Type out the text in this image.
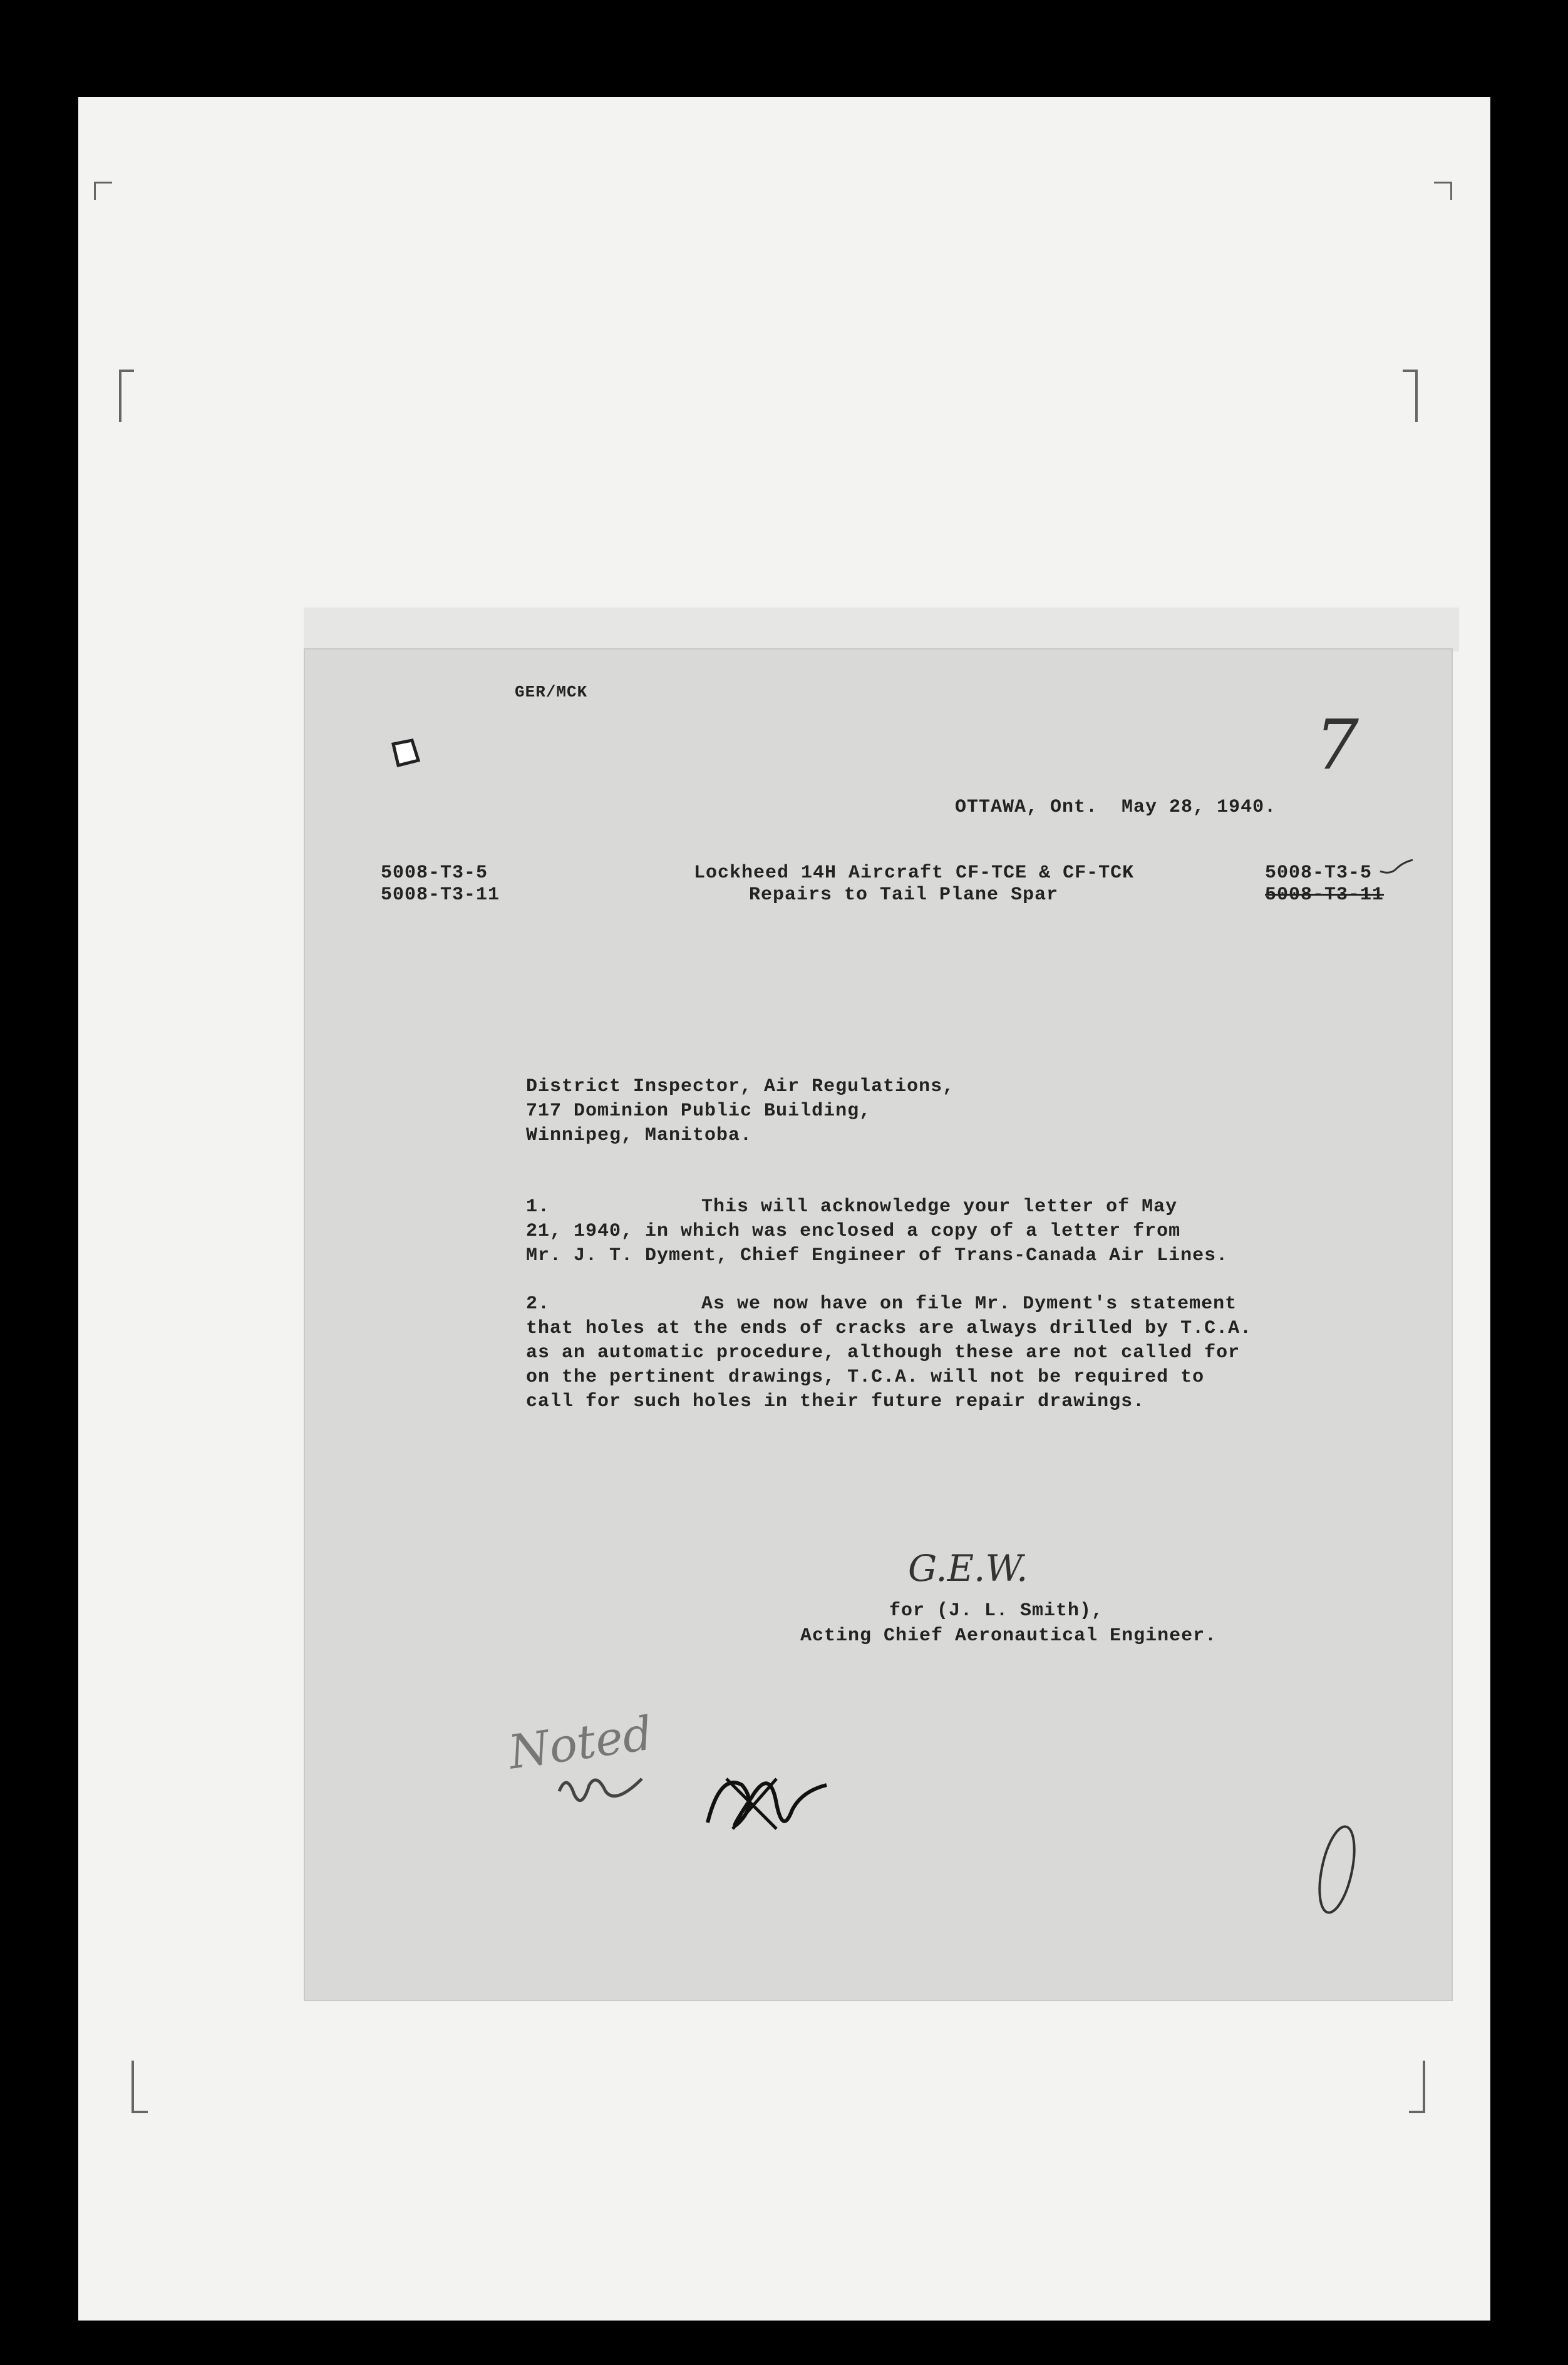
GER/MCK
7
OTTAWA, Ont.  May 28, 1940.
5008-T3-5
5008-T3-11
Lockheed 14H Aircraft CF-TCE & CF-TCK
Repairs to Tail Plane Spar
5008-T3-5
5008-T3-11
District Inspector, Air Regulations,
717 Dominion Public Building,
Winnipeg, Manitoba.
1.	This will acknowledge your letter of May
21, 1940, in which was enclosed a copy of a letter from
Mr. J. T. Dyment, Chief Engineer of Trans-Canada Air Lines.
2.	As we now have on file Mr. Dyment's statement
that holes at the ends of cracks are always drilled by T.C.A.
as an automatic procedure, although these are not called for
on the pertinent drawings, T.C.A. will not be required to
call for such holes in their future repair drawings.
G.E.W.
for (J. L. Smith),
Acting Chief Aeronautical Engineer.
Noted
